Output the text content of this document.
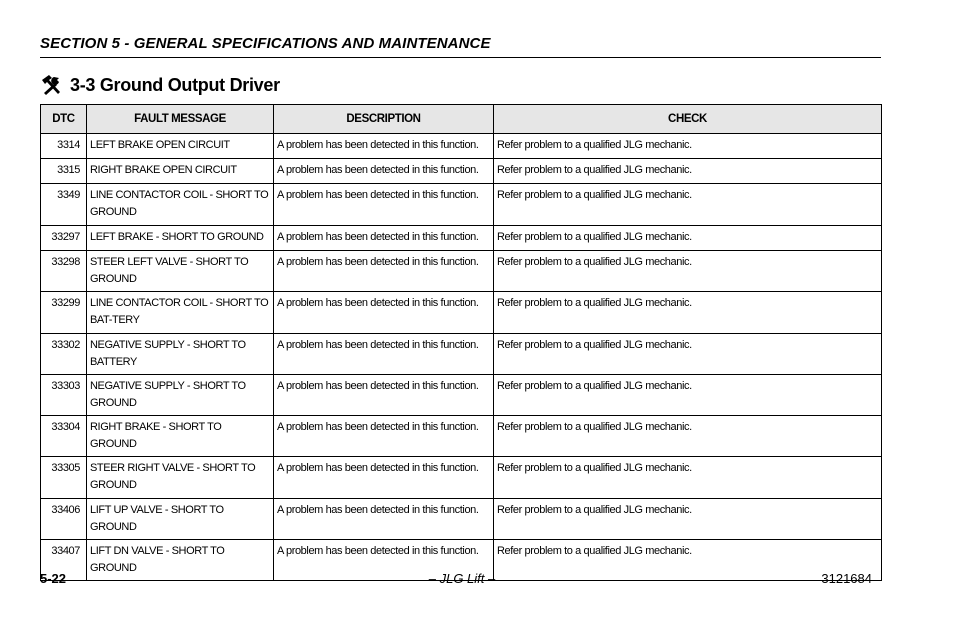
SECTION 5 - GENERAL SPECIFICATIONS AND MAINTENANCE
3-3 Ground Output Driver
DTC	FAULT MESSAGE	DESCRIPTION	CHECK
3314	LEFT BRAKE OPEN CIRCUIT	A problem has been detected in this function.	Refer problem to a qualified JLG mechanic.
3315	RIGHT BRAKE OPEN CIRCUIT	A problem has been detected in this function.	Refer problem to a qualified JLG mechanic.
3349	LINE CONTACTOR COIL - SHORT TO GROUND	A problem has been detected in this function.	Refer problem to a qualified JLG mechanic.
33297	LEFT BRAKE - SHORT TO GROUND	A problem has been detected in this function.	Refer problem to a qualified JLG mechanic.
33298	STEER LEFT VALVE - SHORT TO GROUND	A problem has been detected in this function.	Refer problem to a qualified JLG mechanic.
33299	LINE CONTACTOR COIL - SHORT TO BAT-TERY	A problem has been detected in this function.	Refer problem to a qualified JLG mechanic.
33302	NEGATIVE SUPPLY - SHORT TO BATTERY	A problem has been detected in this function.	Refer problem to a qualified JLG mechanic.
33303	NEGATIVE SUPPLY - SHORT TO GROUND	A problem has been detected in this function.	Refer problem to a qualified JLG mechanic.
33304	RIGHT BRAKE - SHORT TO GROUND	A problem has been detected in this function.	Refer problem to a qualified JLG mechanic.
33305	STEER RIGHT VALVE - SHORT TO GROUND	A problem has been detected in this function.	Refer problem to a qualified JLG mechanic.
33406	LIFT UP VALVE - SHORT TO GROUND	A problem has been detected in this function.	Refer problem to a qualified JLG mechanic.
33407	LIFT DN VALVE - SHORT TO GROUND	A problem has been detected in this function.	Refer problem to a qualified JLG mechanic.
5-22	– JLG Lift –	3121684
